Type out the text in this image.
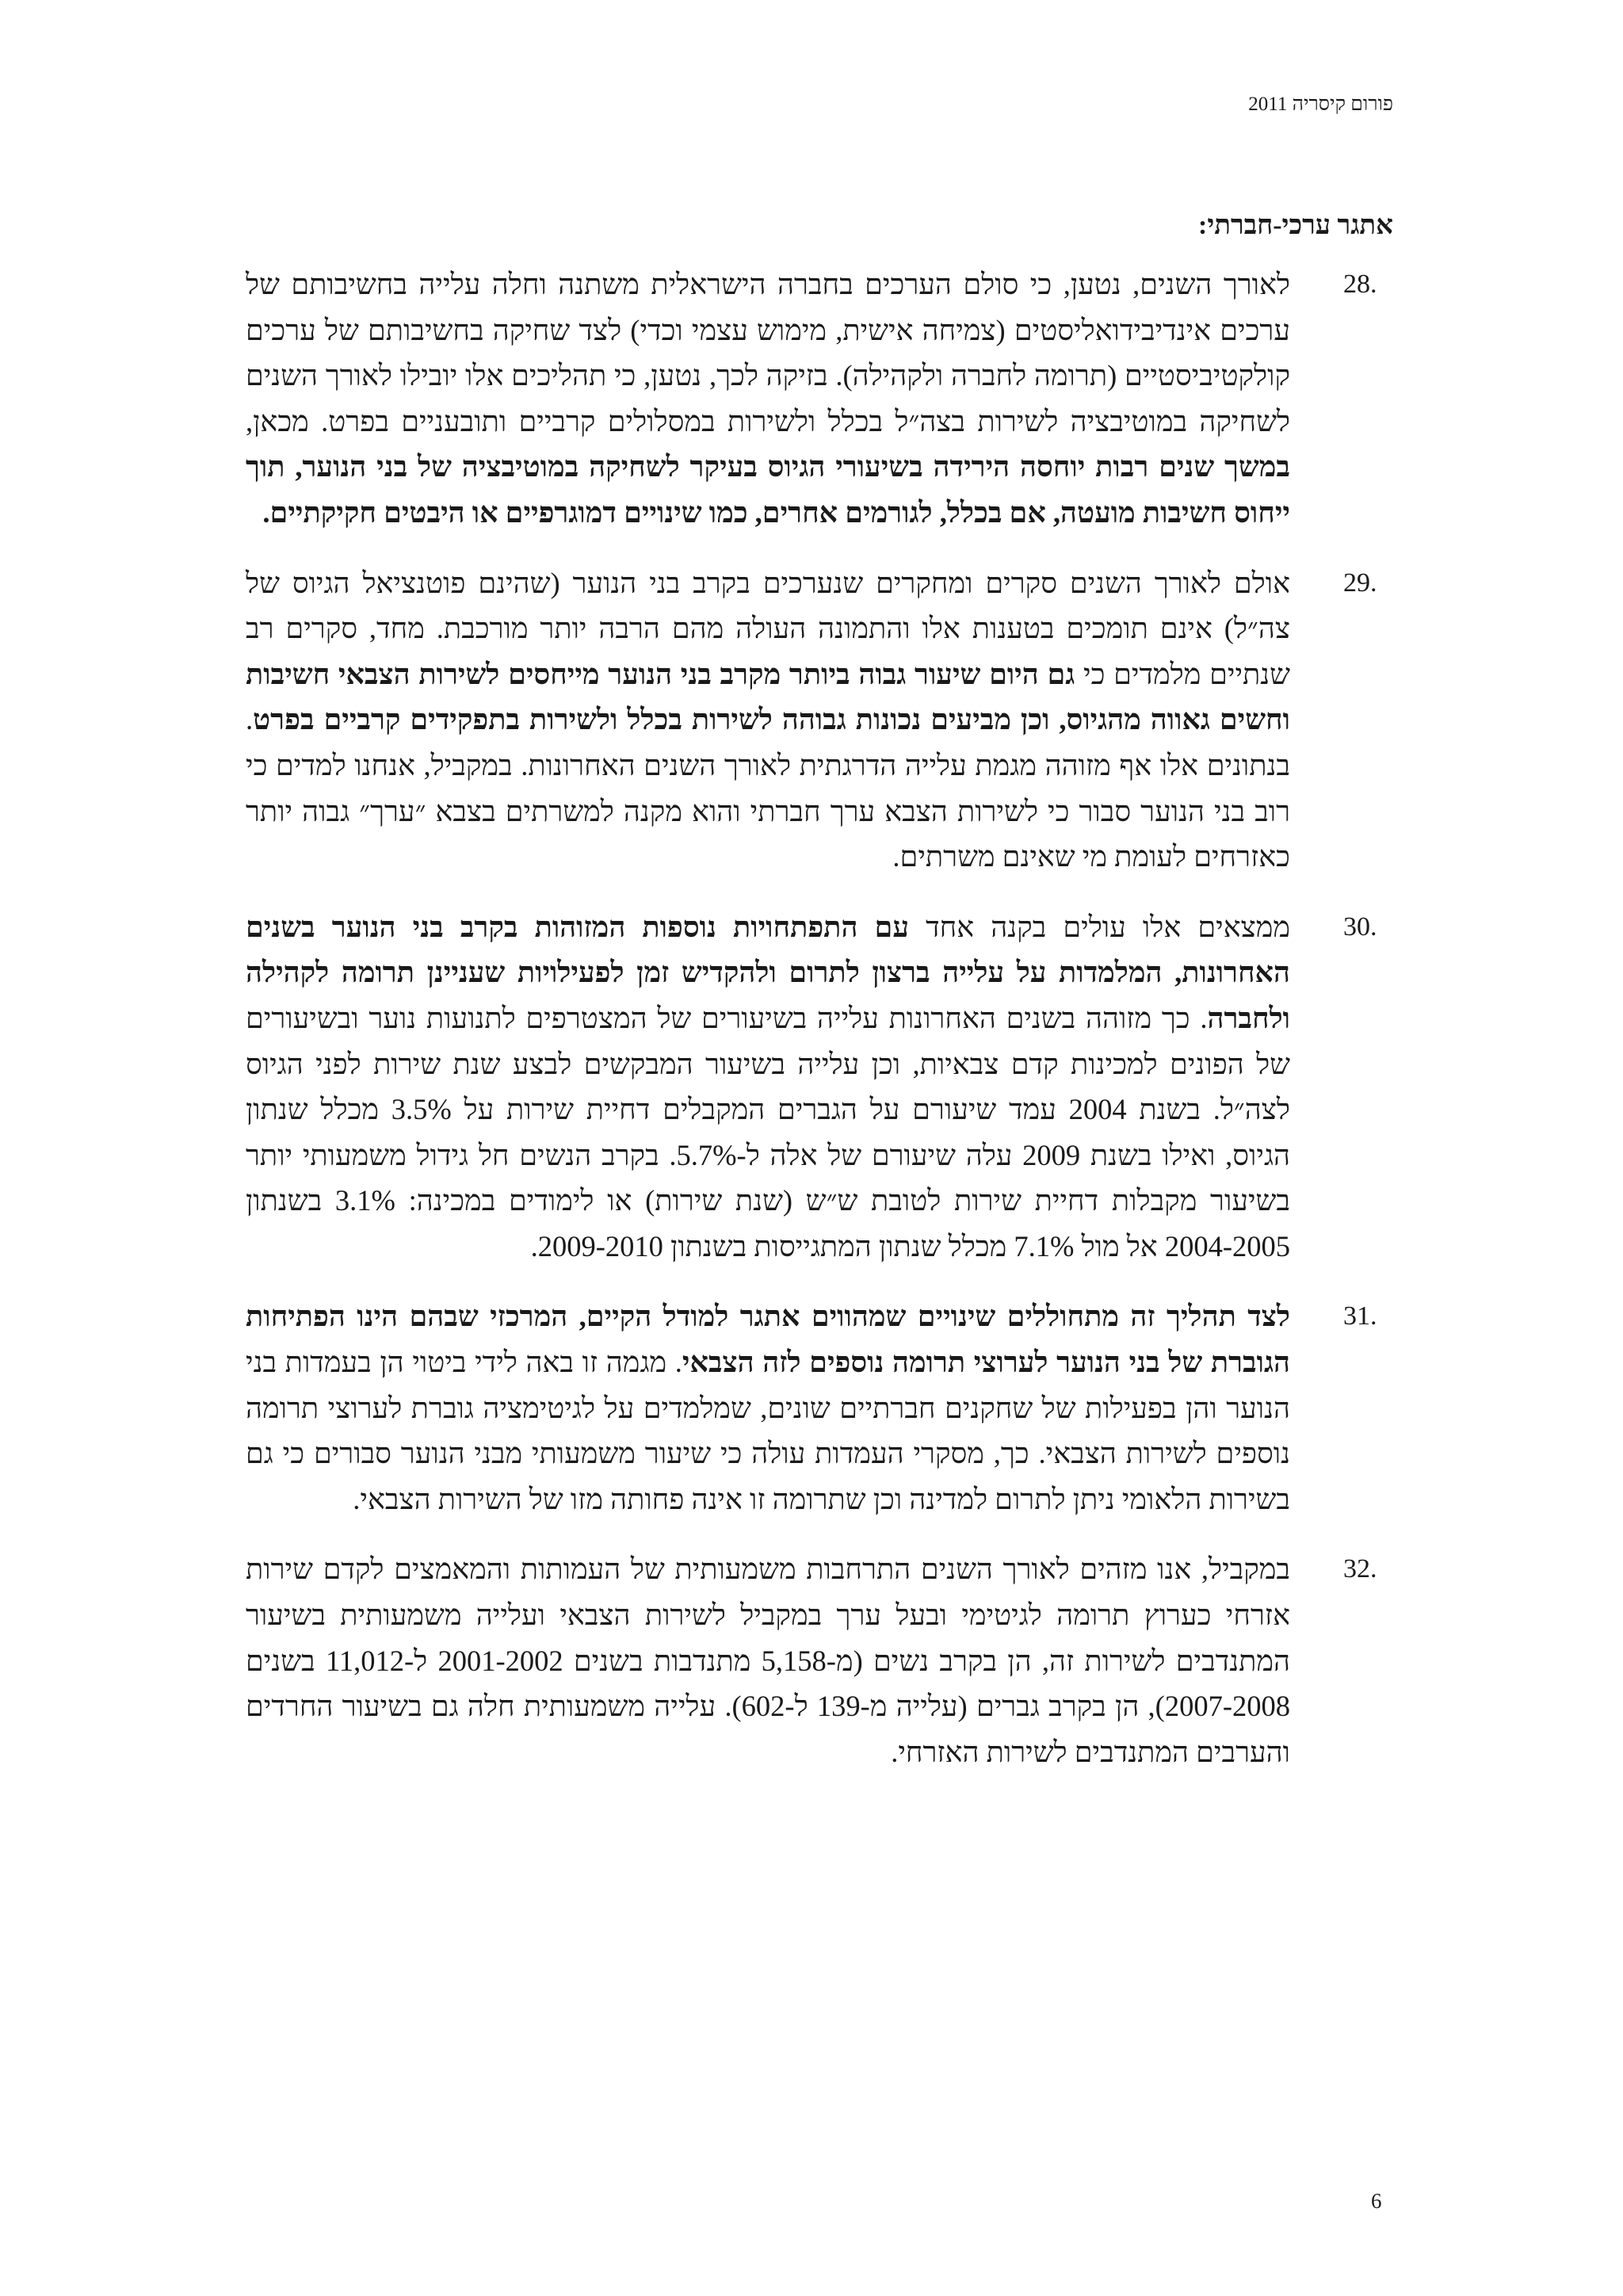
פורום קיסריה 2011
אתגר ערכי-חברתי:
28.
לאורך השנים, נטען, כי סולם הערכים בחברה הישראלית משתנה וחלה עלייה בחשיבותם של ערכים אינדיבידואליסטים (צמיחה אישית, מימוש עצמי וכדי) לצד שחיקה בחשיבותם של ערכים קולקטיביסטיים (תרומה לחברה ולקהילה). בזיקה לכך, נטען, כי תהליכים אלו יובילו לאורך השנים לשחיקה במוטיבציה לשירות בצה״ל בכלל ולשירות במסלולים קרביים ותובעניים בפרט. מכאן, במשך שנים רבות יוחסה הירידה בשיעורי הגיוס בעיקר לשחיקה במוטיבציה של בני הנוער, תוך ייחוס חשיבות מועטה, אם בכלל, לגורמים אחרים, כמו שינויים דמוגרפיים או היבטים חקיקתיים.
29.
אולם לאורך השנים סקרים ומחקרים שנערכים בקרב בני הנוער (שהינם פוטנציאל הגיוס של צה״ל) אינם תומכים בטענות אלו והתמונה העולה מהם הרבה יותר מורכבת. מחד, סקרים רב שנתיים מלמדים כי גם היום שיעור גבוה ביותר מקרב בני הנוער מייחסים לשירות הצבאי חשיבות וחשים גאווה מהגיוס, וכן מביעים נכונות גבוהה לשירות בכלל ולשירות בתפקידים קרביים בפרט. בנתונים אלו אף מזוהה מגמת עלייה הדרגתית לאורך השנים האחרונות. במקביל, אנחנו למדים כי רוב בני הנוער סבור כי לשירות הצבא ערך חברתי והוא מקנה למשרתים בצבא ״ערך״ גבוה יותר כאזרחים לעומת מי שאינם משרתים.
30.
ממצאים אלו עולים בקנה אחד עם התפתחויות נוספות המזוהות בקרב בני הנוער בשנים האחרונות, המלמדות על עלייה ברצון לתרום ולהקדיש זמן לפעילויות שעניינן תרומה לקהילה ולחברה. כך מזוהה בשנים האחרונות עלייה בשיעורים של המצטרפים לתנועות נוער ובשיעורים של הפונים למכינות קדם צבאיות, וכן עלייה בשיעור המבקשים לבצע שנת שירות לפני הגיוס לצה״ל. בשנת 2004 עמד שיעורם על הגברים המקבלים דחיית שירות על 3.5% מכלל שנתון הגיוס, ואילו בשנת 2009 עלה שיעורם של אלה ל-5.7%. בקרב הנשים חל גידול משמעותי יותר בשיעור מקבלות דחיית שירות לטובת ש״ש (שנת שירות) או לימודים במכינה: 3.1% בשנתון 2004-2005 אל מול 7.1% מכלל שנתון המתגייסות בשנתון 2009-2010.
31.
לצד תהליך זה מתחוללים שינויים שמהווים אתגר למודל הקיים, המרכזי שבהם הינו הפתיחות הגוברת של בני הנוער לערוצי תרומה נוספים לזה הצבאי. מגמה זו באה לידי ביטוי הן בעמדות בני הנוער והן בפעילות של שחקנים חברתיים שונים, שמלמדים על לגיטימציה גוברת לערוצי תרומה נוספים לשירות הצבאי. כך, מסקרי העמדות עולה כי שיעור משמעותי מבני הנוער סבורים כי גם בשירות הלאומי ניתן לתרום למדינה וכן שתרומה זו אינה פחותה מזו של השירות הצבאי.
32.
במקביל, אנו מזהים לאורך השנים התרחבות משמעותית של העמותות והמאמצים לקדם שירות אזרחי כערוץ תרומה לגיטימי ובעל ערך במקביל לשירות הצבאי ועלייה משמעותית בשיעור המתנדבים לשירות זה, הן בקרב נשים (מ-5,158 מתנדבות בשנים 2001-2002 ל-11,012 בשנים 2007-2008), הן בקרב גברים (עלייה מ-139 ל-602). עלייה משמעותית חלה גם בשיעור החרדים והערבים המתנדבים לשירות האזרחי.
6
